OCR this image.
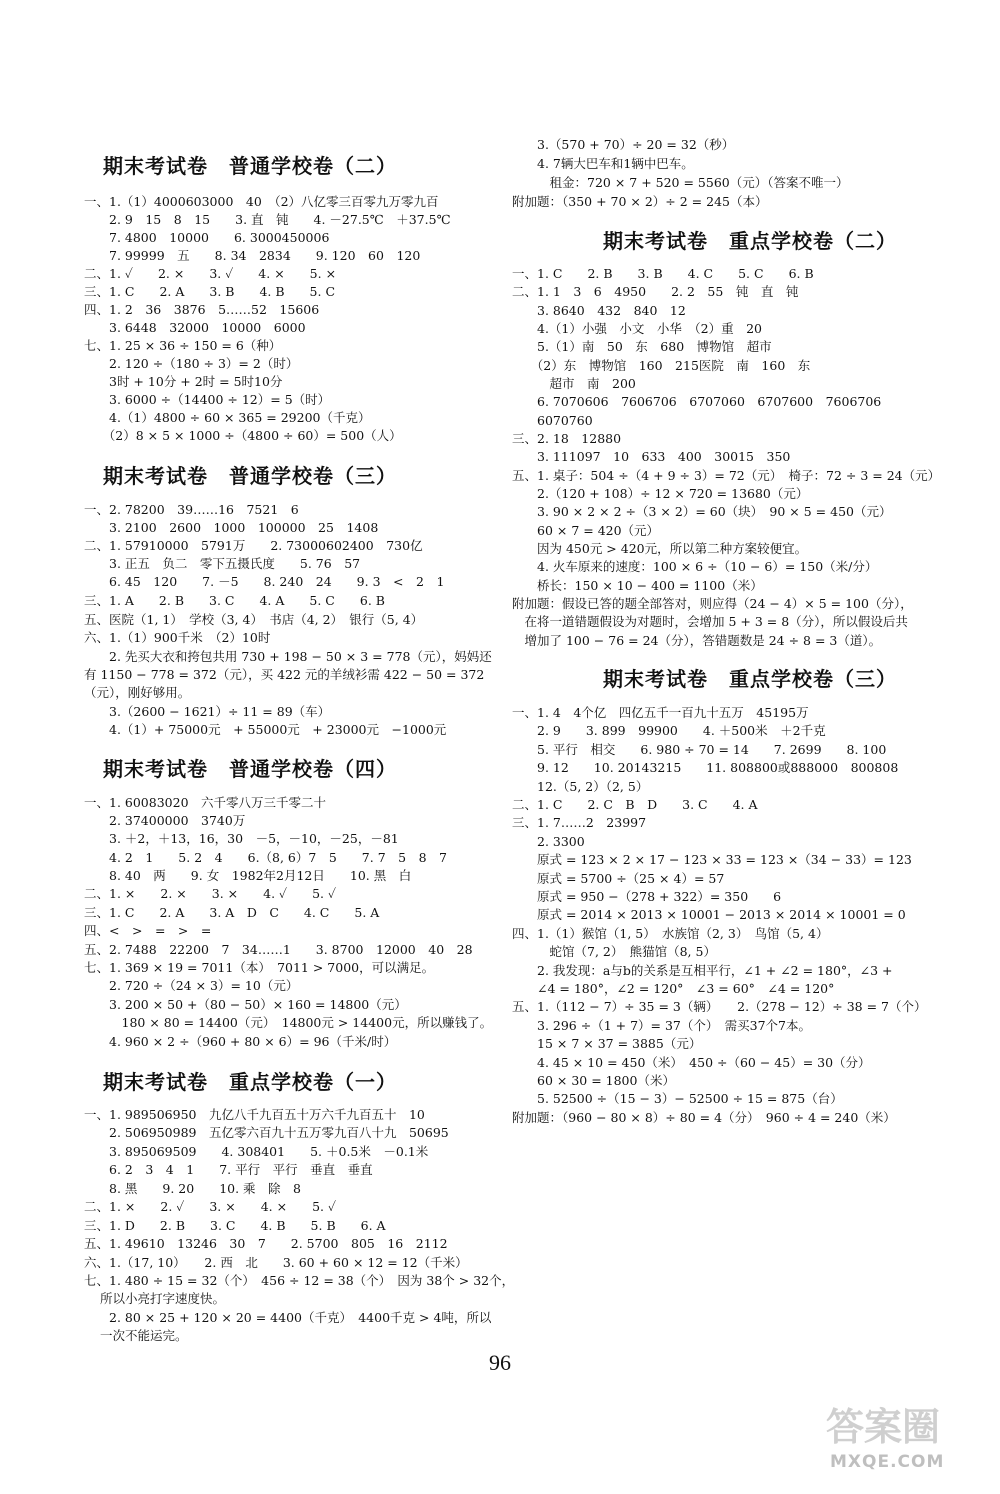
期末考试卷　普通学校卷（二）
一、1.（1）4000603000　40　（2）八亿零三百零九万零九百
　　2. 9　15　8　15　　3. 直　钝　　4. －27.5℃　＋37.5℃
　　7. 4800　10000　　6. 3000450006
　　7. 99999　五　　8. 34　2834　　9. 120　60　120
二、1. ✓　　2. ×　　3. ✓　　4. ×　　5. ×
三、1. C　　2. A　　3. B　　4. B　　5. C
四、1. 2　36　3876　5……52　15606
　　3. 6448　32000　10000　6000
七、1. 25 × 36 ÷ 150 = 6（种）
　　2. 120 ÷（180 ÷ 3）= 2（时）
　　3时 + 10分 + 2时 = 5时10分
　　3. 6000 ÷（14400 ÷ 12）= 5（时）
　　4.（1）4800 ÷ 60 × 365 = 29200（千克）
　　（2）8 × 5 × 1000 ÷（4800 ÷ 60）= 500（人）
期末考试卷　普通学校卷（三）
一、2. 78200　39……16　7521　6
　　3. 2100　2600　1000　100000　25　1408
二、1. 57910000　5791万　　2. 73000602400　730亿
　　3. 正五　负二　零下五摄氏度　　5. 76　57
　　6. 45　120　　7. －5　　8. 240　24　　9. 3　<　2　1
三、1. A　　2. B　　3. C　　4. A　　5. C　　6. B
五、医院（1, 1）　学校（3, 4）　书店（4, 2）　银行（5, 4）
六、1.（1）900千米　（2）10时
　　2. 先买大衣和挎包共用 730 + 198 − 50 × 3 = 778（元），妈妈还
有 1150 − 778 = 372（元），买 422 元的羊绒衫需 422 − 50 = 372
（元），刚好够用。
　　3.（2600 − 1621）÷ 11 = 89（车）
　　4.（1）+ 75000元　+ 55000元　+ 23000元　−1000元
期末考试卷　普通学校卷（四）
一、1. 60083020　六千零八万三千零二十
　　2. 37400000　3740万
　　3. ＋2，＋13，16，30　－5，－10，－25，－81
　　4. 2　1　　5. 2　4　　6.（8, 6）7　5　　7. 7　5　8　7
　　8. 40　两　　9. 女　1982年2月12日　　10. 黑　白
二、1. ×　　2. ×　　3. ×　　4. ✓　　5. ✓
三、1. C　　2. A　　3. A　D　C　　4. C　　5. A
四、<　>　=　>　=
五、2. 7488　22200　7　34……1　　3. 8700　12000　40　28
七、1. 369 × 19 = 7011（本）　7011 > 7000，可以满足。
　　2. 720 ÷（24 × 3）= 10（元）
　　3. 200 × 50 +（80 − 50）× 160 = 14800（元）
　　　180 × 80 = 14400（元）　14800元 > 14400元，所以赚钱了。
　　4. 960 × 2 ÷（960 + 80 × 6）= 96（千米/时）
期末考试卷　重点学校卷（一）
一、1. 989506950　九亿八千九百五十万六千九百五十　10
　　2. 506950989　五亿零六百九十五万零九百八十九　50695
　　3. 895069509　　4. 308401　　5. ＋0.5米　－0.1米
　　6. 2　3　4　1　　7. 平行　平行　垂直　垂直
　　8. 黑　　9. 20　　10. 乘　除　8
二、1. ×　　2. ✓　　3. ×　　4. ×　　5. ✓
三、1. D　　2. B　　3. C　　4. B　　5. B　　6. A
五、1. 49610　13246　30　7　　2. 5700　805　16　2112
六、1.（17, 10）　　2. 西　北　　3. 60 + 60 × 12 = 12（千米）
七、1. 480 ÷ 15 = 32（个）　456 ÷ 12 = 38（个）　因为 38个 > 32个，
所以小亮打字速度快。
　　2. 80 × 25 + 120 × 20 = 4400（千克）　4400千克 > 4吨，所以
一次不能运完。
　　3.（570 + 70）÷ 20 = 32（秒）
　　4. 7辆大巴车和1辆中巴车。
　　　租金：720 × 7 + 520 = 5560（元）（答案不唯一）
附加题：（350 + 70 × 2）÷ 2 = 245（本）
期末考试卷　重点学校卷（二）
一、1. C　　2. B　　3. B　　4. C　　5. C　　6. B
二、1. 1　3　6　4950　　2. 2　55　钝　直　钝
　　3. 8640　432　840　12
　　4.（1）小强　小文　小华　（2）重　20
　　5.（1）南　50　东　680　博物馆　超市
　　（2）东　博物馆　160　215医院　南　160　东
　　　超市　南　200
　　6. 7070606　7606706　6707060　6707600　7606706
　　6070760
三、2. 18　12880
　　3. 111097　10　633　400　30015　350
五、1. 桌子：504 ÷（4 + 9 ÷ 3）= 72（元）　椅子：72 ÷ 3 = 24（元）
　　2.（120 + 108）÷ 12 × 720 = 13680（元）
　　3. 90 × 2 × 2 ÷（3 × 2）= 60（块）　90 × 5 = 450（元）
　　60 × 7 = 420（元）
　　因为 450元 > 420元，所以第二种方案较便宜。
　　4. 火车原来的速度：100 × 6 ÷（10 − 6）= 150（米/分）
　　桥长：150 × 10 − 400 = 1100（米）
附加题：假设已答的题全部答对，则应得（24 − 4）× 5 = 100（分），
　在将一道错题假设为对题时，会增加 5 + 3 = 8（分），所以假设后共
　增加了 100 − 76 = 24（分），答错题数是 24 ÷ 8 = 3（道）。
期末考试卷　重点学校卷（三）
一、1. 4　4个亿　四亿五千一百九十五万　45195万
　　2. 9　　3. 899　99900　　4. ＋500米　＋2千克
　　5. 平行　相交　　6. 980 ÷ 70 = 14　　7. 2699　　8. 100
　　9. 12　　10. 20143215　　11. 808800或888000　800808
　　12.（5, 2）（2, 5）
二、1. C　　2. C　B　D　　3. C　　4. A
三、1. 7……2　23997
　　2. 3300
　　原式 = 123 × 2 × 17 − 123 × 33 = 123 ×（34 − 33）= 123
　　原式 = 5700 ÷（25 × 4）= 57
　　原式 = 950 −（278 + 322）= 350　　6
　　原式 = 2014 × 2013 × 10001 − 2013 × 2014 × 10001 = 0
四、1.（1）猴馆（1, 5）　水族馆（2, 3）　鸟馆（5, 4）
　　　蛇馆（7, 2）　熊猫馆（8, 5）
　　2. 我发现：a与b的关系是互相平行，∠1 + ∠2 = 180°，∠3 +
　　∠4 = 180°，∠2 = 120°　∠3 = 60°　∠4 = 120°
五、1.（112 − 7）÷ 35 = 3（辆）　　2.（278 − 12）÷ 38 = 7（个）
　　3. 296 ÷（1 + 7）= 37（个）　需买37个7本。
　　15 × 7 × 37 = 3885（元）
　　4. 45 × 10 = 450（米）　450 ÷（60 − 45）= 30（分）
　　60 × 30 = 1800（米）
　　5. 52500 ÷（15 − 3）− 52500 ÷ 15 = 875（台）
附加题：（960 − 80 × 8）÷ 80 = 4（分）　960 ÷ 4 = 240（米）
96
答案圈
MXQE.COM
